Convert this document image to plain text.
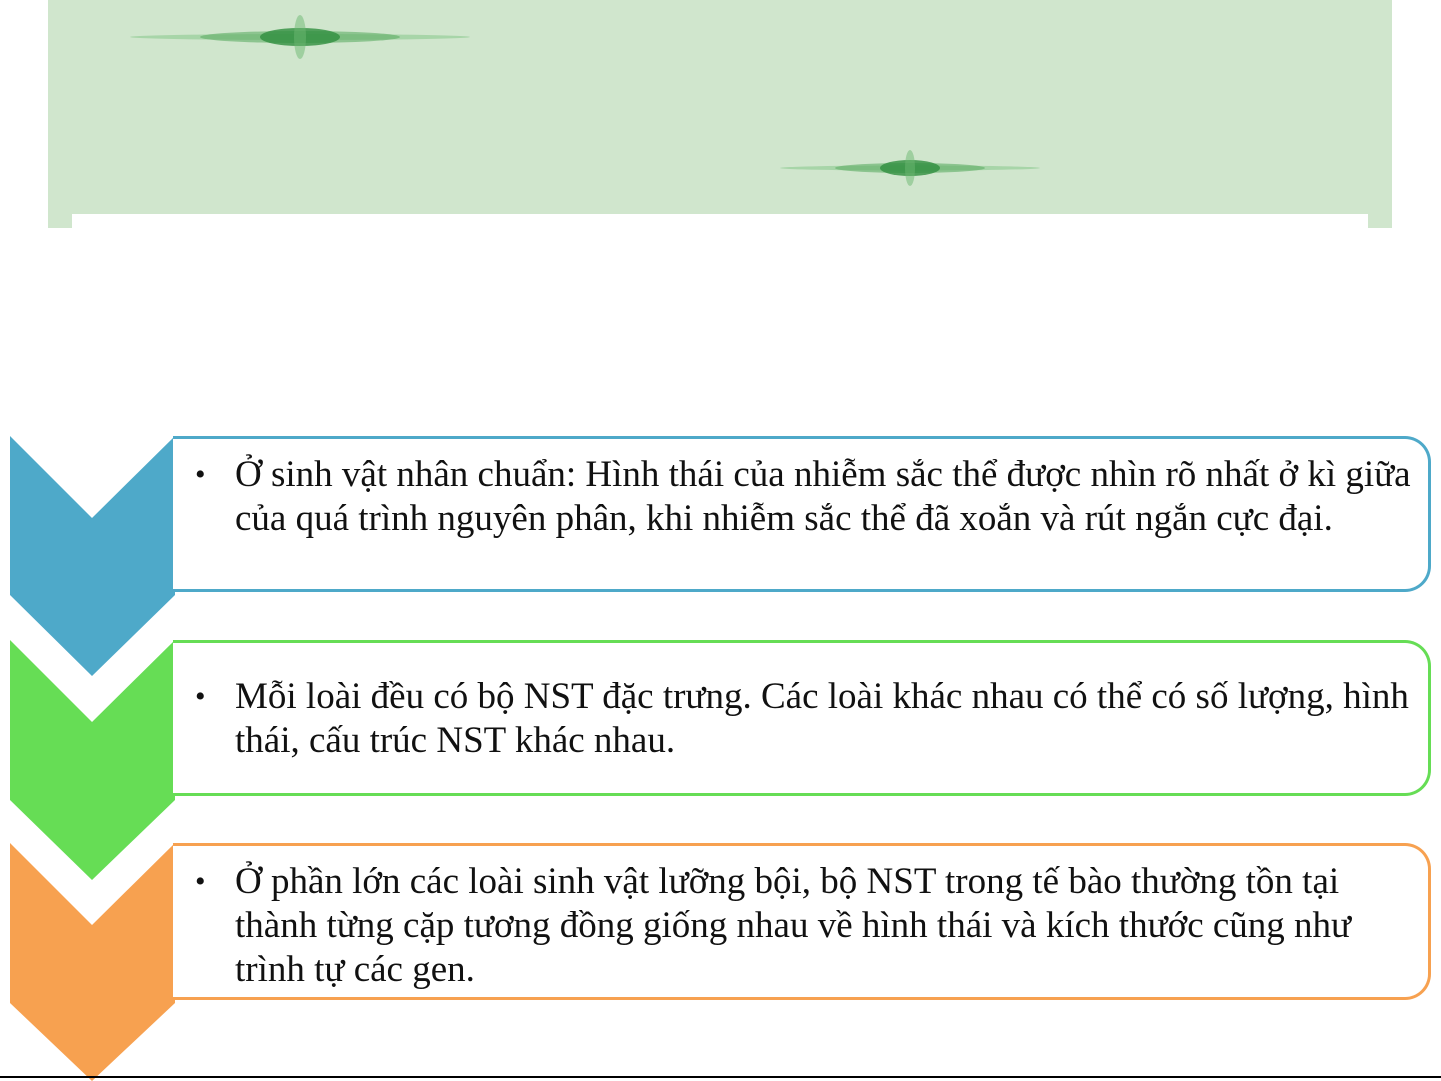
• Ở sinh vật nhân chuẩn: Hình thái của nhiễm sắc thể được nhìn rõ nhất ở kì giữa của quá trình nguyên phân, khi nhiễm sắc thể đã xoắn và rút ngắn cực đại.
• Mỗi loài đều có bộ NST đặc trưng. Các loài khác nhau có thể có số lượng, hình thái, cấu trúc NST khác nhau.
• Ở phần lớn các loài sinh vật lưỡng bội, bộ NST trong tế bào thường tồn tại thành từng cặp tương đồng giống nhau về hình thái và kích thước cũng như trình tự các gen.
